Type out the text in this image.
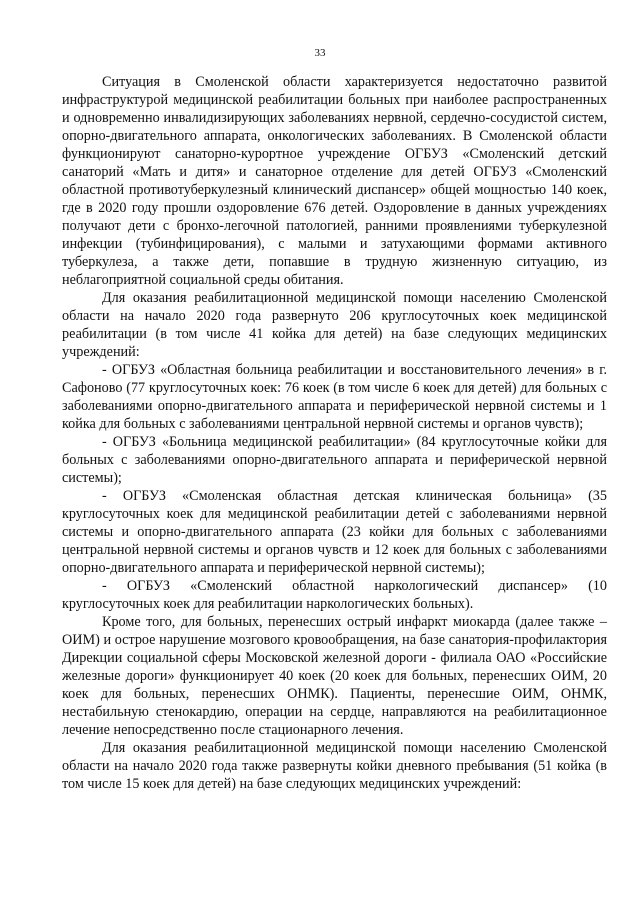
33

Ситуация в Смоленской области характеризуется недостаточно развитой инфраструктурой медицинской реабилитации больных при наиболее распространенных и одновременно инвалидизирующих заболеваниях нервной, сердечно-сосудистой систем, опорно-двигательного аппарата, онкологических заболеваниях. В Смоленской области функционируют санаторно-курортное учреждение ОГБУЗ «Смоленский детский санаторий «Мать и дитя» и санаторное отделение для детей ОГБУЗ «Смоленский областной противотуберкулезный клинический диспансер» общей мощностью 140 коек, где в 2020 году прошли оздоровление 676 детей. Оздоровление в данных учреждениях получают дети с бронхо-легочной патологией, ранними проявлениями туберкулезной инфекции (тубинфицирования), с малыми и затухающими формами активного туберкулеза, а также дети, попавшие в трудную жизненную ситуацию, из неблагоприятной социальной среды обитания.

Для оказания реабилитационной медицинской помощи населению Смоленской области на начало 2020 года развернуто 206 круглосуточных коек медицинской реабилитации (в том числе 41 койка для детей) на базе следующих медицинских учреждений:

- ОГБУЗ «Областная больница реабилитации и восстановительного лечения» в г. Сафоново (77 круглосуточных коек: 76 коек (в том числе 6 коек для детей) для больных с заболеваниями опорно-двигательного аппарата и периферической нервной системы и 1 койка для больных с заболеваниями центральной нервной системы и органов чувств);

- ОГБУЗ «Больница медицинской реабилитации» (84 круглосуточные койки для больных с заболеваниями опорно-двигательного аппарата и периферической нервной системы);

- ОГБУЗ «Смоленская областная детская клиническая больница» (35 круглосуточных коек для медицинской реабилитации детей с заболеваниями нервной системы и опорно-двигательного аппарата (23 койки для больных с заболеваниями центральной нервной системы и органов чувств и 12 коек для больных с заболеваниями опорно-двигательного аппарата и периферической нервной системы);

- ОГБУЗ «Смоленский областной наркологический диспансер» (10 круглосуточных коек для реабилитации наркологических больных).

Кроме того, для больных, перенесших острый инфаркт миокарда (далее также – ОИМ) и острое нарушение мозгового кровообращения, на базе санатория-профилактория Дирекции социальной сферы Московской железной дороги - филиала ОАО «Российские железные дороги» функционирует 40 коек (20 коек для больных, перенесших ОИМ, 20 коек для больных, перенесших ОНМК). Пациенты, перенесшие ОИМ, ОНМК, нестабильную стенокардию, операции на сердце, направляются на реабилитационное лечение непосредственно после стационарного лечения.

Для оказания реабилитационной медицинской помощи населению Смоленской области на начало 2020 года также развернуты койки дневного пребывания (51 койка (в том числе 15 коек для детей) на базе следующих медицинских учреждений:
